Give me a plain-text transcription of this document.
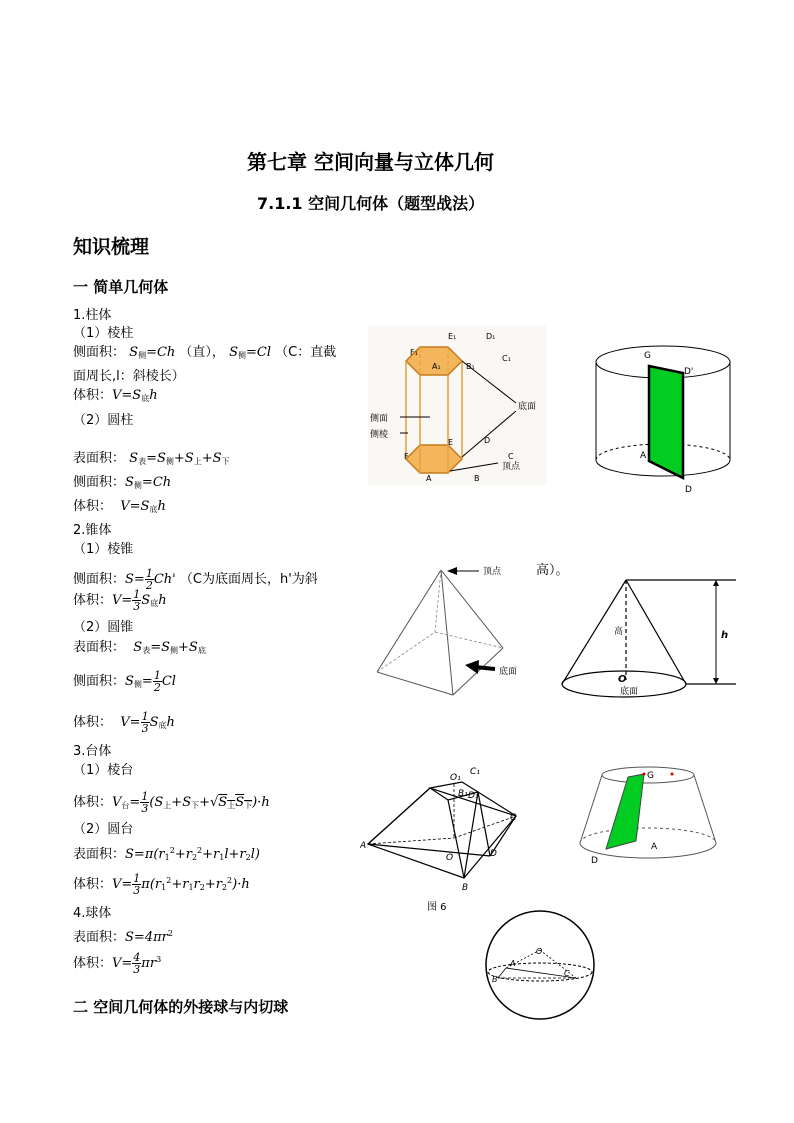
第七章 空间向量与立体几何
7.1.1 空间几何体（题型战法）
知识梳理
一 简单几何体
1.柱体
（1）棱柱
侧面积： $S_侧=Ch$ （直）， $S_侧=Cl$ （C：直截
面周长,l：斜棱长）
体积：$V=S_底h$
（2）圆柱
表面积： $S_表=S_侧+S_上+S_下$
侧面积：$S_侧=Ch$
体积： $V=S_底h$
2.锥体
（1）棱锥
侧面积：$S= \frac{1}{2} Ch'$ （C为底面周长，h'为斜
体积：$V= \frac{1}{3} S_底h$
（2）圆锥
表面积： $S_表=S_侧+S_底$
侧面积：$S_侧= \frac{1}{2}$ Cl
体积： $V= \frac{1}{3} S_底h$
3.台体
（1）棱台
体积：$V_台= \frac{1}{3} (S_上+S_下+√S_上S_下)\cdot h$
（2）圆台
表面积：$S=\pi(r_1^2+r_2^2+r_1l+r_2l)$
体积：$V= \frac{1}{3} \pi(r_1^2+r_1r_2+r_2^2)\cdot h$
4.球体
表面积：$S=4\pi r^2$
体积：$V= \frac{4}{3} \pi r^3$
二 空间几何体的外接球与内切球
E₁	D₁
F₁
C₁
A₁	B₁
侧面
侧棱
底面
E	D
F	C
顶点
A	B
G
D'
A
D
顶点
底面
高）。
高	h
O
底面
A
B
C
D
O
O₁
C₁
B₁ D₁
图 6
G
D
A
O
A
B
C
